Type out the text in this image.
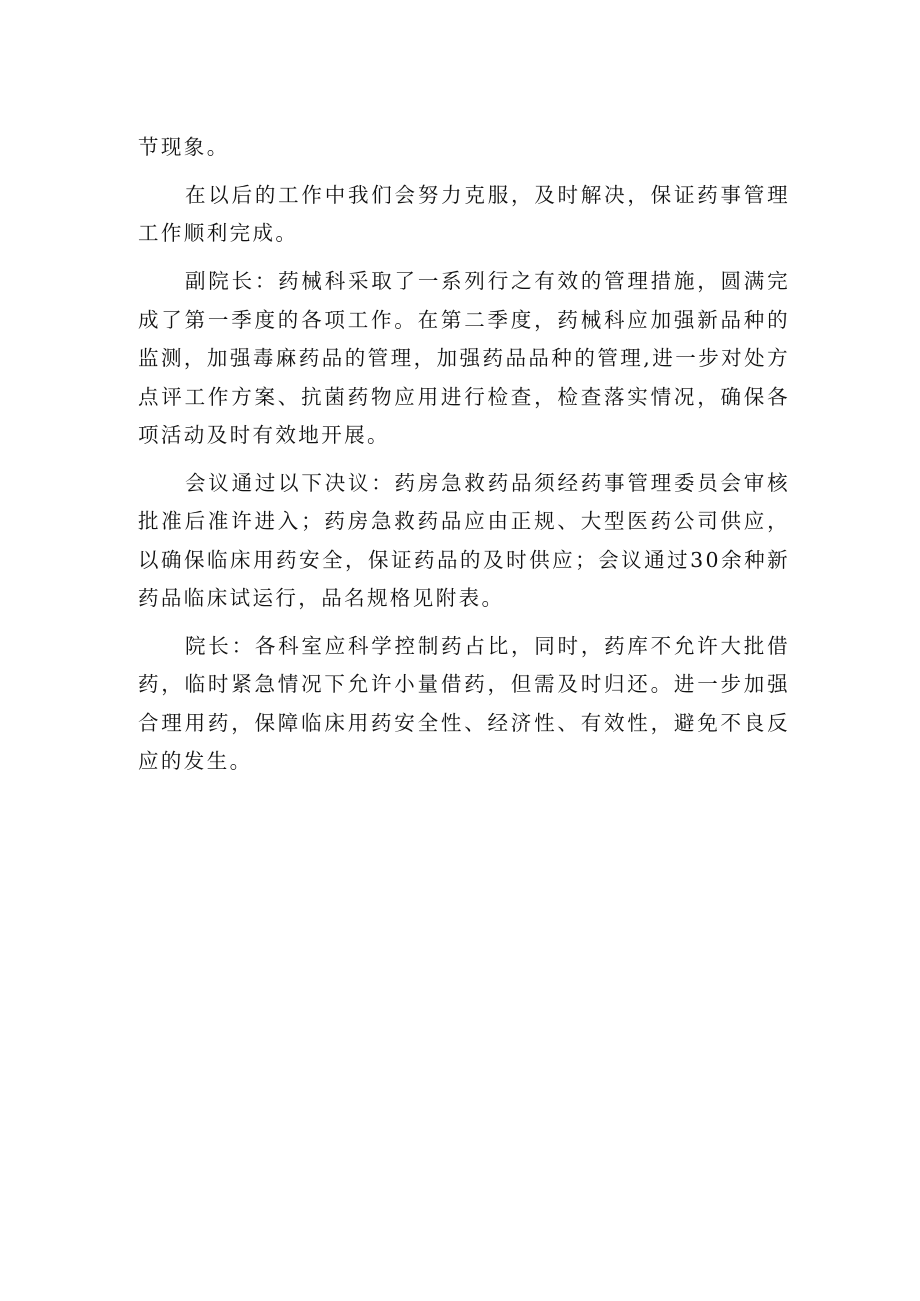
节现象。

在以后的工作中我们会努力克服，及时解决，保证药事管理工作顺利完成。

副院长：药械科采取了一系列行之有效的管理措施，圆满完成了第一季度的各项工作。在第二季度，药械科应加强新品种的监测，加强毒麻药品的管理，加强药品品种的管理,进一步对处方点评工作方案、抗菌药物应用进行检查，检查落实情况，确保各项活动及时有效地开展。

会议通过以下决议：药房急救药品须经药事管理委员会审核批准后准许进入；药房急救药品应由正规、大型医药公司供应，以确保临床用药安全，保证药品的及时供应；会议通过30余种新药品临床试运行，品名规格见附表。

院长：各科室应科学控制药占比，同时，药库不允许大批借药，临时紧急情况下允许小量借药，但需及时归还。进一步加强合理用药，保障临床用药安全性、经济性、有效性，避免不良反应的发生。
